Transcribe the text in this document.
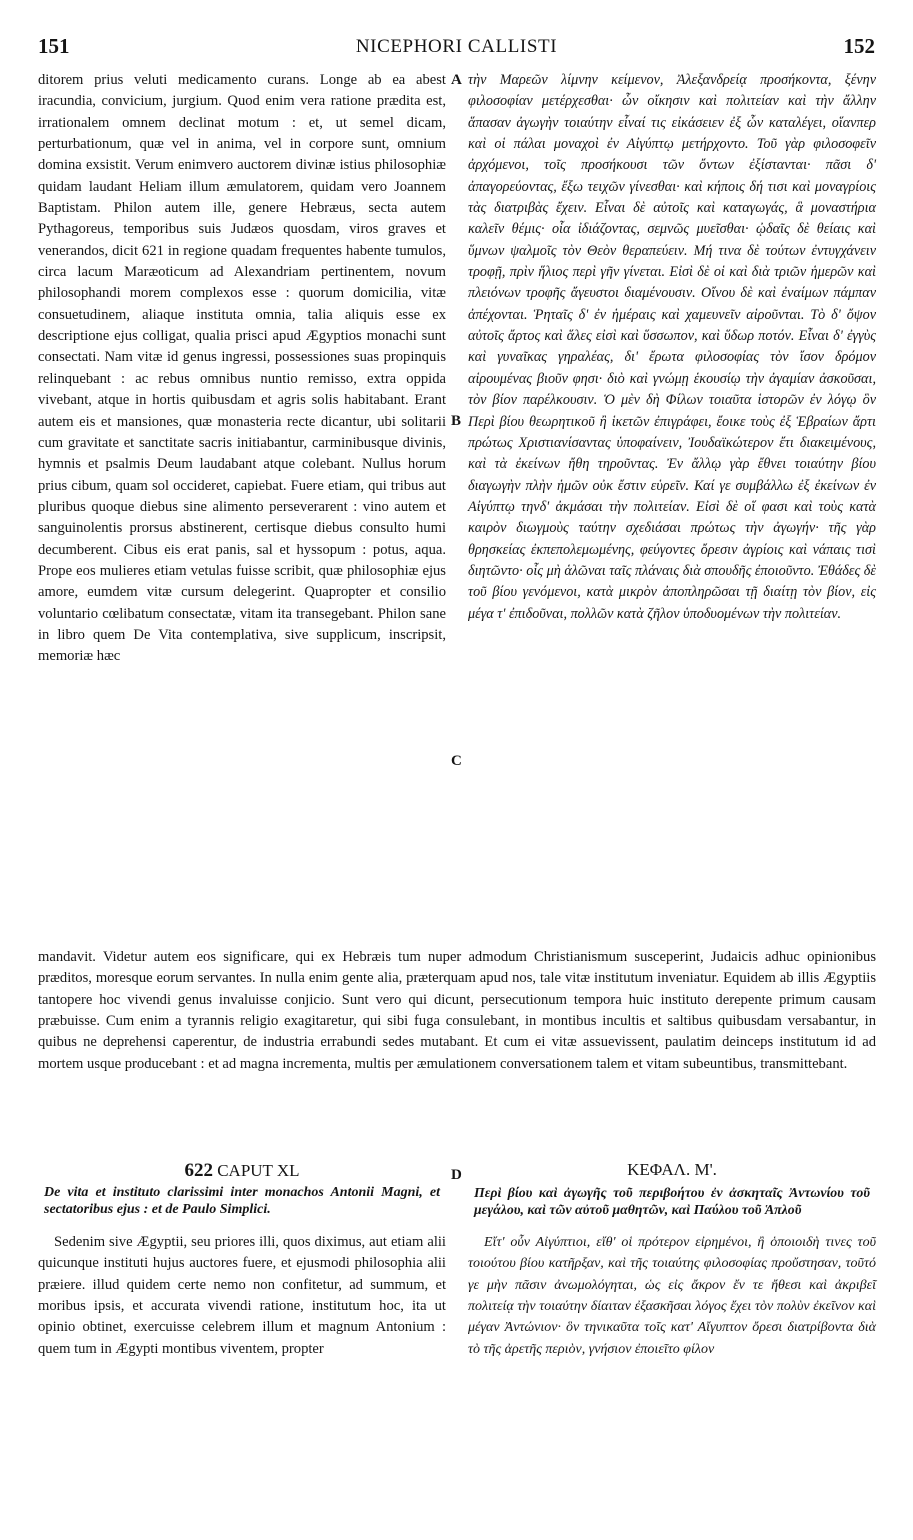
151	NICEPHORI CALLISTI	152
A
B
C
D

ditorem prius veluti medicamento curans. Longe ab ea abest iracundia, convicium, jurgium. Quod enim vera ratione prædita est, irrationalem omnem declinat motum : et, ut semel dicam, perturbationum, quæ vel in anima, vel in corpore sunt, omnium domina exsistit. Verum enimvero auctorem divinæ istius philosophiæ quidam laudant Heliam illum æmulatorem, quidam vero Joannem Baptistam. Philon autem ille, genere Hebræus, secta autem Pythagoreus, temporibus suis Judæos quosdam, viros graves et venerandos, dicit 621 in regione quadam frequentes habente tumulos, circa lacum Maræoticum ad Alexandriam pertinentem, novum philosophandi morem complexos esse : quorum domicilia, vitæ consuetudinem, aliaque instituta omnia, talia aliquis esse ex descriptione ejus colligat, qualia prisci apud Ægyptios monachi sunt consectati. Nam vitæ id genus ingressi, possessiones suas propinquis relinquebant : ac rebus omnibus nuntio remisso, extra oppida vivebant, atque in hortis quibusdam et agris solis habitabant. Erant autem eis et mansiones, quæ monasteria recte dicantur, ubi solitarii cum gravitate et sanctitate sacris initiabantur, carminibusque divinis, hymnis et psalmis Deum laudabant atque colebant. Nullus horum prius cibum, quam sol occideret, capiebat. Fuere etiam, qui tribus aut pluribus quoque diebus sine alimento perseverarent : vino autem et sanguinolentis prorsus abstinerent, certisque diebus consulto humi decumberent. Cibus eis erat panis, sal et hyssopum : potus, aqua. Prope eos mulieres etiam vetulas fuisse scribit, quæ philosophiæ ejus amore, eumdem vitæ cursum delegerint. Quapropter et consilio voluntario cœlibatum consectatæ, vitam ita transegebant. Philon sane in libro quem De Vita contemplativa, sive supplicum, inscripsit, memoriæ hæc

τὴν Μαρεῶν λίμνην κείμενον, Ἀλεξανδρείᾳ προσήκοντα, ξένην φιλοσοφίαν μετέρχεσθαι· ὧν οἴκησιν καὶ πολιτείαν καὶ τὴν ἄλλην ἅπασαν ἀγωγὴν τοιαύτην εἶναί τις εἰκάσειεν ἐξ ὧν καταλέγει, οἵανπερ καὶ οἱ πάλαι μοναχοὶ ἐν Αἰγύπτῳ μετήρχοντο. Τοῦ γὰρ φιλοσοφεῖν ἀρχόμενοι, τοῖς προσήκουσι τῶν ὄντων ἐξίστανται· πᾶσι δ' ἀπαγορεύοντας, ἔξω τειχῶν γίνεσθαι· καὶ κήποις δή τισι καὶ μοναγρίοις τὰς διατριβὰς ἔχειν. Εἶναι δὲ αὐτοῖς καὶ καταγωγάς, ἃ μοναστήρια καλεῖν θέμις· οἷα ἰδιάζοντας, σεμνῶς μυεῖσθαι· ᾠδαῖς δὲ θείαις καὶ ὕμνων ψαλμοῖς τὸν Θεὸν θεραπεύειν. Μή τινα δὲ τούτων ἐντυγχάνειν τροφῇ, πρὶν ἥλιος περὶ γῆν γίνεται. Εἰσὶ δὲ οἱ καὶ διὰ τριῶν ἡμερῶν καὶ πλειόνων τροφῆς ἄγευστοι διαμένουσιν. Οἴνου δὲ καὶ ἐναίμων πάμπαν ἀπέχονται. Ῥηταῖς δ' ἐν ἡμέραις καὶ χαμευνεῖν αἱροῦνται. Τὸ δ' ὄψον αὐτοῖς ἄρτος καὶ ἅλες εἰσὶ καὶ ὕσσωπον, καὶ ὕδωρ ποτόν. Εἶναι δ' ἐγγὺς καὶ γυναῖκας γηραλέας, δι' ἔρωτα φιλοσοφίας τὸν ἴσον δρόμον αἱρουμένας βιοῦν φησι· διὸ καὶ γνώμῃ ἑκουσίῳ τὴν ἀγαμίαν ἀσκοῦσαι, τὸν βίον παρέλκουσιν. Ὁ μὲν δὴ Φίλων τοιαῦτα ἱστορῶν ἐν λόγῳ ὃν Περὶ βίου θεωρητικοῦ ἢ ἱκετῶν ἐπιγράφει, ἔοικε τοὺς ἐξ Ἑβραίων ἄρτι πρώτως Χριστιανίσαντας ὑποφαίνειν, Ἰουδαϊκώτερον ἔτι διακειμένους, καὶ τὰ ἐκείνων ἤθη τηροῦντας. Ἐν ἄλλῳ γὰρ ἔθνει τοιαύτην βίου διαγωγὴν πλὴν ἡμῶν οὐκ ἔστιν εὑρεῖν. Καί γε συμβάλλω ἐξ ἐκείνων ἐν Αἰγύπτῳ τηνδ' ἀκμάσαι τὴν πολιτείαν. Εἰσὶ δὲ οἵ φασι καὶ τοὺς κατὰ καιρὸν διωγμοὺς ταύτην σχεδιάσαι πρώτως τὴν ἀγωγήν· τῆς γὰρ θρησκείας ἐκπεπολεμωμένης, φεύγοντες ὄρεσιν ἀγρίοις καὶ νάπαις τισὶ διητῶντο· οἷς μὴ ἁλῶναι ταῖς πλάναις διὰ σπουδῆς ἐποιοῦντο. Ἐθάδες δὲ τοῦ βίου γενόμενοι, κατὰ μικρὸν ἀποπληρῶσαι τῇ διαίτῃ τὸν βίον, εἰς μέγα τ' ἐπιδοῦναι, πολλῶν κατὰ ζῆλον ὑποδυομένων τὴν πολιτείαν.

mandavit. Videtur autem eos significare, qui ex Hebræis tum nuper admodum Christianismum susceperint, Judaicis adhuc opinionibus præditos, moresque eorum servantes. In nulla enim gente alia, præterquam apud nos, tale vitæ institutum inveniatur. Equidem ab illis Ægyptiis tantopere hoc vivendi genus invaluisse conjicio. Sunt vero qui dicunt, persecutionum tempora huic instituto derepente primum causam præbuisse. Cum enim a tyrannis religio exagitaretur, qui sibi fuga consulebant, in montibus incultis et saltibus quibusdam versabantur, in quibus ne deprehensi caperentur, de industria errabundi sedes mutabant. Et cum ei vitæ assuevissent, paulatim deinceps institutum id ad mortem usque producebant : et ad magna incrementa, multis per æmulationem conversationem talem et vitam subeuntibus, transmittebant.

622 CAPUT XL
De vita et instituto clarissimi inter monachos Antonii Magni, et sectatoribus ejus : et de Paulo Simplici.
Sedenim sive Ægyptii, seu priores illi, quos diximus, aut etiam alii quicunque instituti hujus auctores fuere, et ejusmodi philosophia alii præiere. illud quidem certe nemo non confitetur, ad summum, et moribus ipsis, et accurata vivendi ratione, institutum hoc, ita ut opinio obtinet, exercuisse celebrem illum et magnum Antonium : quem tum in Ægypti montibus viventem, propter
ΚΕΦΑΛ. Μ'.
Περὶ βίου καὶ ἀγωγῆς τοῦ περιβοήτου ἐν ἀσκηταῖς Ἀντωνίου τοῦ μεγάλου, καὶ τῶν αὐτοῦ μαθητῶν, καὶ Παύλου τοῦ Ἁπλοῦ
Εἴτ' οὖν Αἰγύπτιοι, εἴθ' οἱ πρότερον εἰρημένοι, ἢ ὁποιοιδὴ τινες τοῦ τοιούτου βίου κατῆρξαν, καὶ τῆς τοιαύτης φιλοσοφίας προὔστησαν, τοῦτό γε μὴν πᾶσιν ἀνωμολόγηται, ὡς εἰς ἄκρον ἔν τε ἤθεσι καὶ ἀκριβεῖ πολιτείᾳ τὴν τοιαύτην δίαιταν ἐξασκῆσαι λόγος ἔχει τὸν πολὺν ἐκεῖνον καὶ μέγαν Ἀντώνιον· ὃν τηνικαῦτα τοῖς κατ' Αἴγυπτον ὄρεσι διατρίβοντα διὰ τὸ τῆς ἀρετῆς περιὸν, γνήσιον ἐποιεῖτο φίλον
